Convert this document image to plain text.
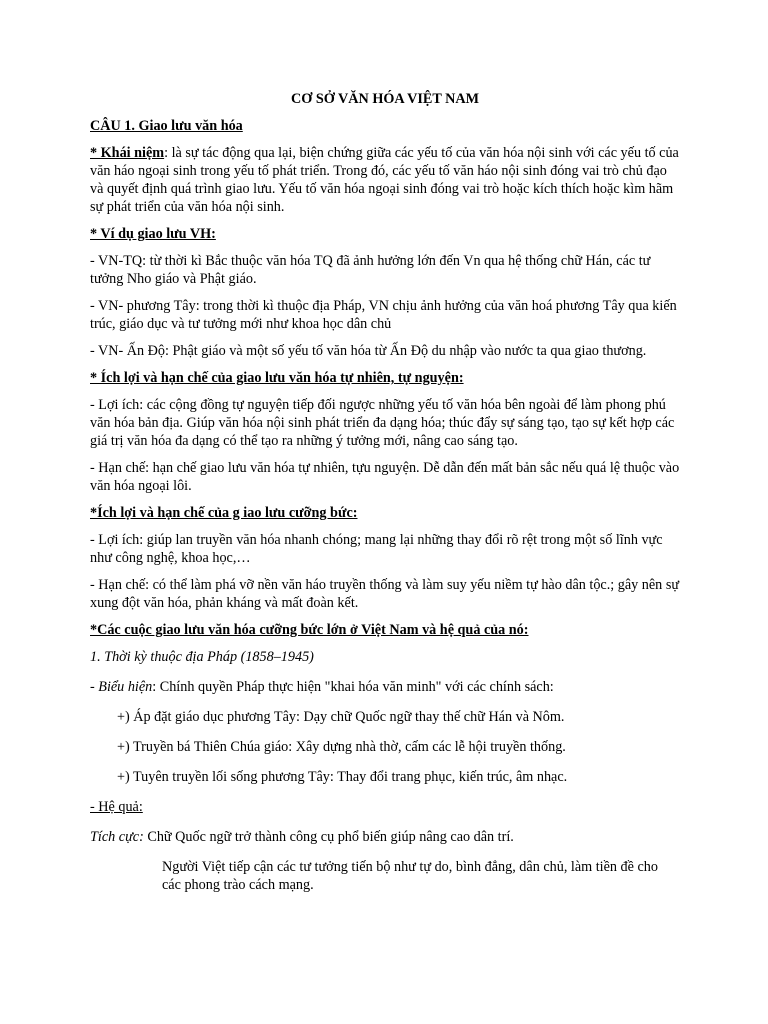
CƠ SỞ VĂN HÓA VIỆT NAM

CÂU 1. Giao lưu văn hóa

* Khái niệm: là sự tác động qua lại, biện chứng giữa các yếu tố của văn hóa nội sinh với các yếu tố của văn háo ngoại sinh trong yếu tố phát triển. Trong đó, các yếu tố văn háo nội sinh đóng vai trò chủ đạo và quyết định quá trình giao lưu. Yếu tố văn hóa ngoại sinh đóng vai trò hoặc kích thích hoặc kìm hãm sự phát triển của văn hóa nội sinh.

* Ví dụ giao lưu VH:

- VN-TQ: từ thời kì Bắc thuộc văn hóa TQ đã ảnh hưởng lớn đến Vn qua hệ thống chữ Hán, các tư tưởng Nho giáo và Phật giáo.

- VN- phương Tây: trong thời kì thuộc địa Pháp, VN chịu ảnh hưởng của văn hoá phương Tây qua kiến trúc, giáo dục và tư tưởng mới như khoa học dân chủ

- VN- Ấn Độ: Phật giáo và một số yếu tố văn hóa từ Ấn Độ du nhập vào nước ta qua giao thương.

* Ích lợi và hạn chế của giao lưu văn hóa tự nhiên, tự nguyện:

- Lợi ích: các cộng đồng tự nguyện tiếp đối ngược những yếu tố văn hóa bên ngoài để làm phong phú văn hóa bản địa. Giúp văn hóa nội sinh phát triển đa dạng hóa; thúc đẩy sự sáng tạo, tạo sự kết hợp các giá trị văn hóa đa dạng có thể tạo ra những ý tưởng mới, nâng cao sáng tạo.

- Hạn chế: hạn chế giao lưu văn hóa tự nhiên, tựu nguyện. Dễ dẫn đến mất bản sắc nếu quá lệ thuộc vào văn hóa ngoại lôi.

*Ích lợi và hạn chế của g iao lưu cưỡng bức:

- Lợi ích: giúp lan truyền văn hóa nhanh chóng; mang lại những thay đổi rõ rệt trong một số lĩnh vực như công nghệ, khoa học,…

- Hạn chế: có thể làm phá vỡ nền văn háo truyền thống và làm suy yếu niềm tự hào dân tộc.; gây nên sự xung đột văn hóa, phản kháng và mất đoàn kết.

*Các cuộc giao lưu văn hóa cưỡng bức lớn ở Việt Nam và hệ quả của nó:

1. Thời kỳ thuộc địa Pháp (1858–1945)

- Biểu hiện: Chính quyền Pháp thực hiện "khai hóa văn minh" với các chính sách:

+) Áp đặt giáo dục phương Tây: Dạy chữ Quốc ngữ thay thế chữ Hán và Nôm.

+) Truyền bá Thiên Chúa giáo: Xây dựng nhà thờ, cấm các lễ hội truyền thống.

+) Tuyên truyền lối sống phương Tây: Thay đổi trang phục, kiến trúc, âm nhạc.

- Hệ quả:

Tích cực: Chữ Quốc ngữ trở thành công cụ phổ biến giúp nâng cao dân trí.

Người Việt tiếp cận các tư tưởng tiến bộ như tự do, bình đẳng, dân chủ, làm tiền đề cho các phong trào cách mạng.
